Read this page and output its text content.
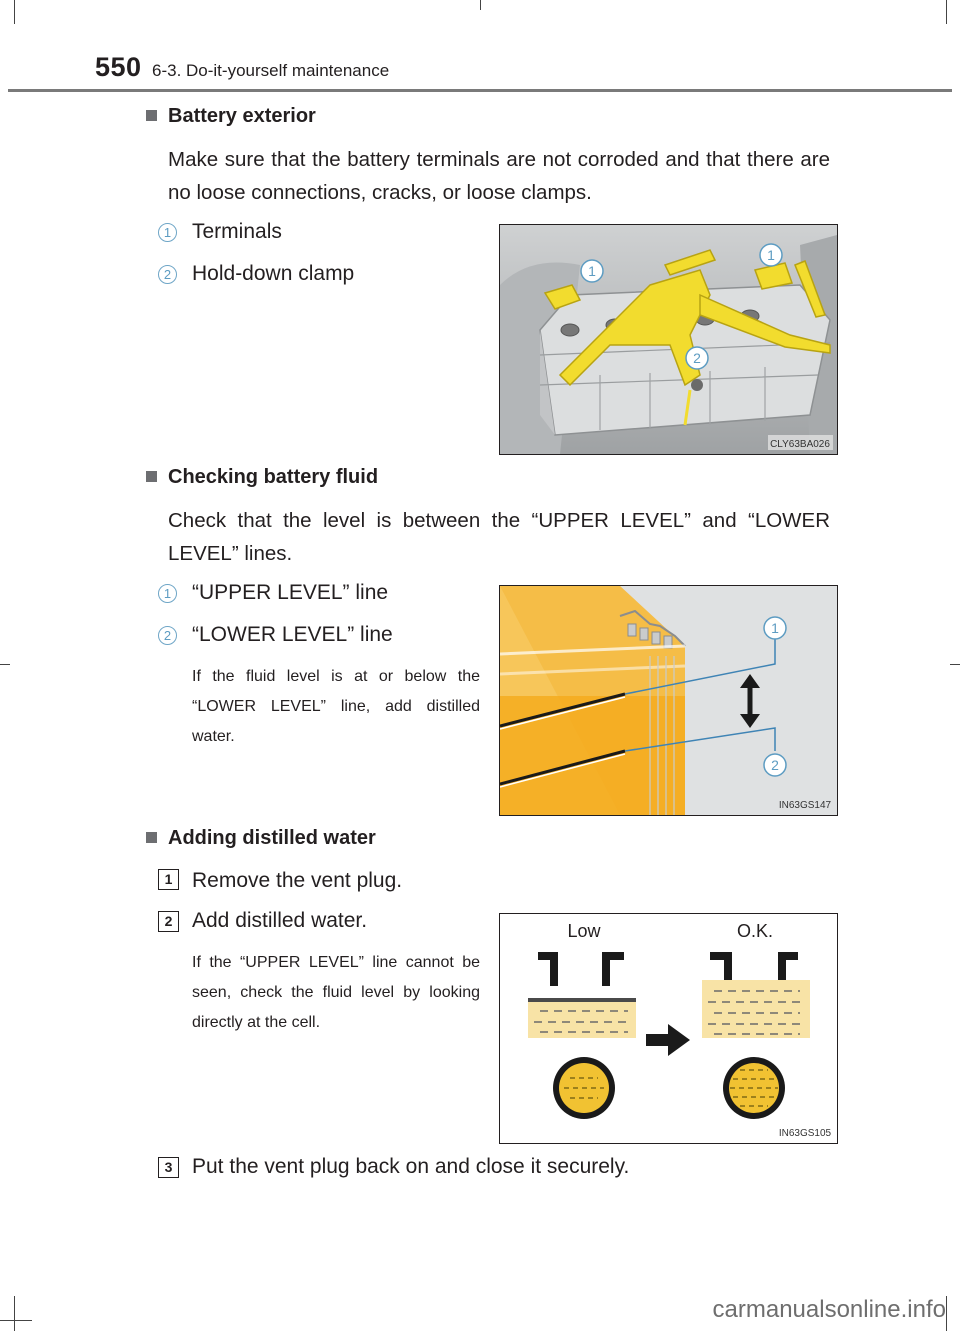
550 6-3. Do-it-yourself maintenance
Battery exterior
Make sure that the battery terminals are not corroded and that there are no loose connections, cracks, or loose clamps.
1 Terminals
2 Hold-down clamp
CLY63BA026
1
1
2
Checking battery fluid
Check that the level is between the “UPPER LEVEL” and “LOWER LEVEL” lines.
1 “UPPER LEVEL” line
2 “LOWER LEVEL” line
If the fluid level is at or below the “LOWER LEVEL” line, add distilled water.
IN63GS147
1
2
Adding distilled water
1 Remove the vent plug.
2 Add distilled water.
If the “UPPER LEVEL” line cannot be seen, check the fluid level by looking directly at the cell.
3 Put the vent plug back on and close it securely.
Low	O.K.
IN63GS105
carmanualsonline.info
